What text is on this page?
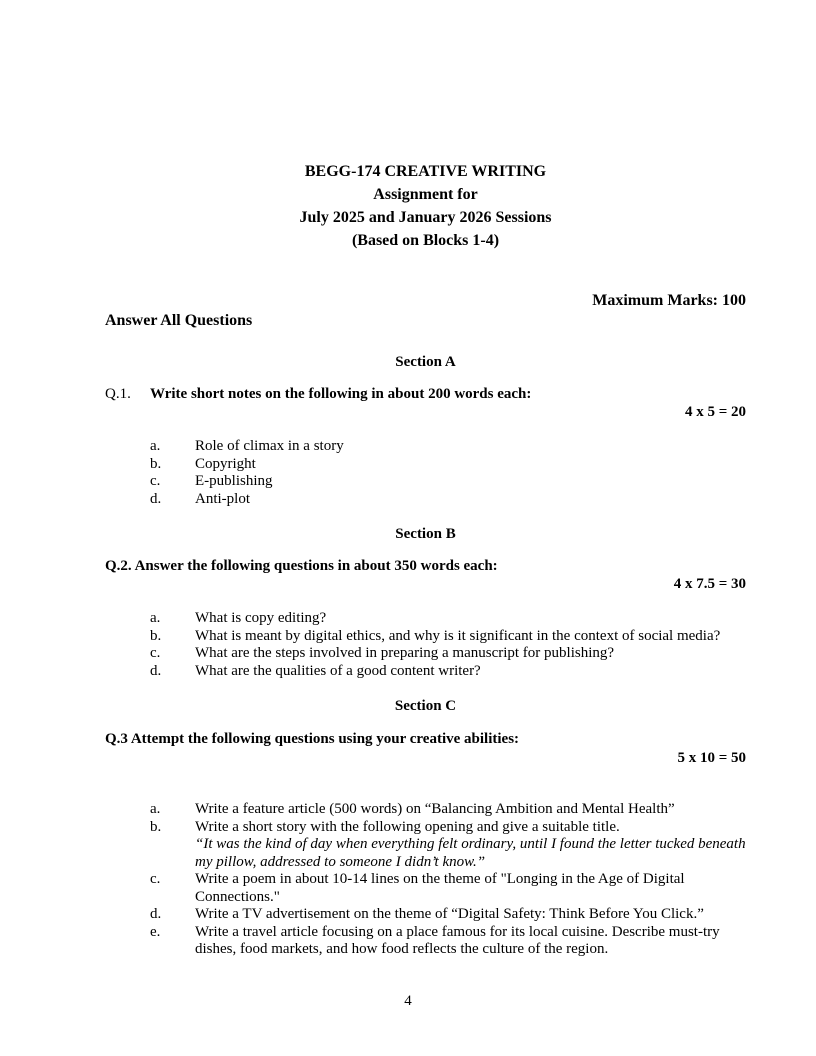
BEGG-174 CREATIVE WRITING
Assignment for
July 2025 and January 2026 Sessions
(Based on Blocks 1-4)
Maximum Marks: 100
Answer All Questions
Section A
Q.1.	Write short notes on the following in about 200 words each:
4 x 5 = 20
a.	Role of climax in a story
b.	Copyright
c.	E-publishing
d.	Anti-plot
Section B
Q.2. Answer the following questions in about 350 words each:
4 x 7.5 = 30
a.	What is copy editing?
b.	What is meant by digital ethics, and why is it significant in the context of social media?
c.	What are the steps involved in preparing a manuscript for publishing?
d.	What are the qualities of a good content writer?
Section C
Q.3 Attempt the following questions using your creative abilities:
5 x 10 = 50
a.	Write a feature article (500 words) on “Balancing Ambition and Mental Health”
b.	Write a short story with the following opening and give a suitable title.
“It was the kind of day when everything felt ordinary, until I found the letter tucked beneath my pillow, addressed to someone I didn’t know.”
c.	Write a poem in about 10-14 lines on the theme of "Longing in the Age of Digital Connections."
d.	Write a TV advertisement on the theme of “Digital Safety: Think Before You Click.”
e.	Write a travel article focusing on a place famous for its local cuisine. Describe must-try dishes, food markets, and how food reflects the culture of the region.
4
